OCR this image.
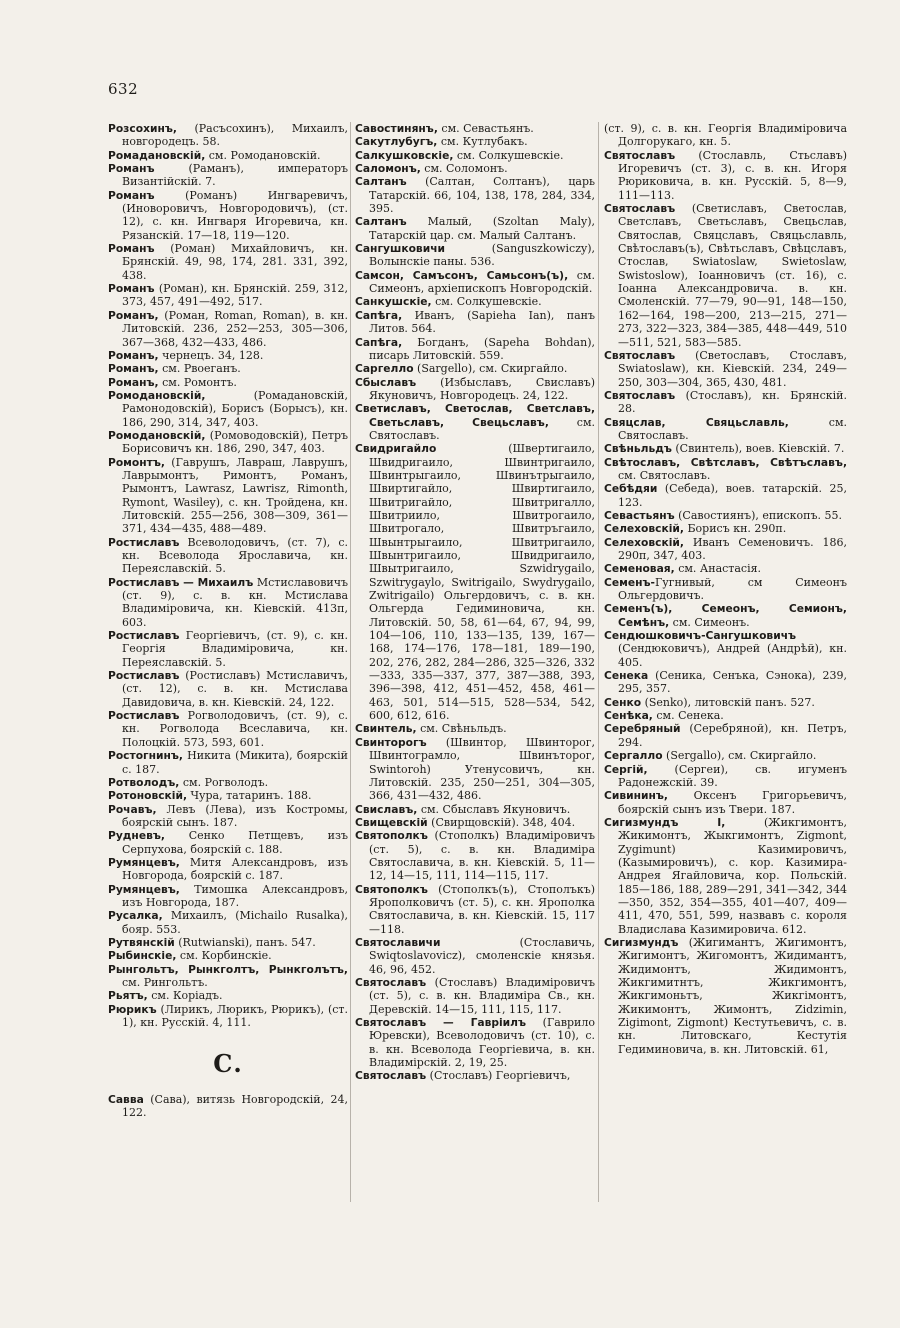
632
Розсохинъ, (Расъсохинъ), Михаилъ, новгородецъ. 58.
Ромадановскій, см. Ромодановскій.
Романъ (Раманъ), императоръ Византійскій. 7.
Романъ (Романъ) Ингваревичъ, (Иноворовичъ, Новгородовичъ), (ст. 12), с. кн. Ингваря Игоревича, кн. Рязанскій. 17—18, 119—120.
Романъ (Роман) Михайловичъ, кн. Брянскій. 49, 98, 174, 281. 331, 392, 438.
Романъ (Роман), кн. Брянскій. 259, 312, 373, 457, 491—492, 517.
Романъ, (Роман, Roman, Roman), в. кн. Литовскій. 236, 252—253, 305—306, 367—368, 432—433, 486.
Романъ, чернецъ. 34, 128.
Романъ, см. Рвоеганъ.
Романъ, см. Ромонтъ.
Ромодановскій, (Ромадановскій, Рамонодовскій), Борисъ (Борысъ), кн. 186, 290, 314, 347, 403.
Ромодановскій, (Ромоводовскій), Петръ Борисовичъ кн. 186, 290, 347, 403.
Ромонтъ, (Гаврушъ, Лавраш, Лаврушъ, Лаврымонтъ, Римонтъ, Романъ, Рымонтъ, Lawrasz, Lawrisz, Rimonth, Rymont, Wasiley), с. кн. Тройдена, кн. Литовскій. 255—256, 308—309, 361—371, 434—435, 488—489.
Ростиславъ Всеволодовичъ, (ст. 7), с. кн. Всеволода Ярославича, кн. Переяславскій. 5.
Ростиславъ — Михаилъ Мстиславовичъ (ст. 9), с. в. кн. Мстислава Владиміровича, кн. Кіевскій. 413п, 603.
Ростиславъ Георгіевичъ, (ст. 9), с. кн. Георгія Владиміровича, кн. Переяславскій. 5.
Ростиславъ (Ростиславъ) Мстиславичъ, (ст. 12), с. в. кн. Мстислава Давидовича, в. кн. Кіевскій. 24, 122.
Ростиславъ Рогволодовичъ, (ст. 9), с. кн. Рогволода Всеславича, кн. Полоцкій. 573, 593, 601.
Ростогнинъ, Никита (Микита), боярскій с. 187.
Ротволодъ, см. Рогволодъ.
Ротоновскій, Чура, татаринъ. 188.
Рочавъ, Левъ (Лева), изъ Костромы, боярскій сынъ. 187.
Рудневъ, Сенко Петщевъ, изъ Серпухова, боярскій с. 188.
Румянцевъ, Митя Александровъ, изъ Новгорода, боярскій с. 187.
Румянцевъ, Тимошка Александровъ, изъ Новгорода, 187.
Русалка, Михаилъ, (Michailo Rusalka), бояр. 553.
Рутвянскій (Rutwianski), панъ. 547.
Рыбинскіе, см. Корбинскіе.
Рынгольтъ, Рынкголтъ, Рынкголътъ, см. Рингольтъ.
Рьятъ, см. Коріадъ.
Рюрикъ (Лирикъ, Люрикъ, Рюрикъ), (ст. 1), кн. Русскій. 4, 111.
С.
Савва (Сава), витязь Новгородскій, 24, 122.
Савостинянъ, см. Севастьянъ.
Сакутлубугъ, см. Кутлубакъ.
Салкушковскіе, см. Солкушевскіе.
Саломонъ, см. Соломонъ.
Салтанъ (Салтан, Солтанъ), царь Татарскій. 66, 104, 138, 178, 284, 334, 395.
Салтанъ Малый, (Szoltan Maly), Татарскій цар. см. Малый Салтанъ.
Сангушковичи (Sanguszkowiczy), Волынскіе паны. 536.
Самсон, Самъсонъ, Самьсонъ(ъ), см. Симеонъ, архіепископъ Новгородскій.
Санкушскіе, см. Солкушевскіе.
Сапѣга, Иванъ, (Sapieha Ian), панъ Литов. 564.
Сапѣга, Богданъ, (Sapeha Bohdan), писарь Литовскій. 559.
Саргелло (Sargello), см. Скиргайло.
Сбыславъ (Избыславъ, Свиславъ) Якуновичъ, Новгородецъ. 24, 122.
Светиславъ, Светослав, Светславъ, Светьславъ, Свецьславъ, см. Святославъ.
Свидригайло (Швертигаило, Швидригаило, Швинтригаило, Швинтрыгаило, Швинътрыгаило, Швиртигайло, Швиртигаило, Швитригайло, Швитригалло, Швитриило, Швитрогаило, Швитрогало, Швитръгаило, Швынтрыгаило, Швитригаило, Швынтригаило, Швидригаило, Швытригаило, Szwidrygailo, Szwitrygaylo, Switrigailo, Swydrygailo, Zwitrigailo) Ольгердовичъ, с. в. кн. Ольгерда Гедиминовича, кн. Литовскій. 50, 58, 61—64, 67, 94, 99, 104—106, 110, 133—135, 139, 167—168, 174—176, 178—181, 189—190, 202, 276, 282, 284—286, 325—326, 332—333, 335—337, 377, 387—388, 393, 396—398, 412, 451—452, 458, 461—463, 501, 514—515, 528—534, 542, 600, 612, 616.
Свинтель, см. Свѣньльдъ.
Свинторогъ (Швинтор, Швинторог, Швинтограмло, Швинъторог, Swintoroh) Утенусовичъ, кн. Литовскій. 235, 250—251, 304—305, 366, 431—432, 486.
Свиславъ, см. Сбыславъ Якуновичъ.
Свищевскій (Свирщовскій). 348, 404.
Святополкъ (Стополкъ) Владиміровичъ (ст. 5), с. в. кн. Владиміра Святославича, в. кн. Кіевскій. 5, 11—12, 14—15, 111, 114—115, 117.
Святополкъ (Стополкъ(ъ), Стополъкъ) Ярополковичъ (ст. 5), с. кн. Ярополка Святославича, в. кн. Кіевскій. 15, 117—118.
Святославичи (Стославичь, Swiqtoslavovicz), смоленскіе князья. 46, 96, 452.
Святославъ (Стославъ) Владиміровичъ (ст. 5), с. в. кн. Владиміра Св., кн. Деревскій. 14—15, 111, 115, 117.
Святославъ — Гавріилъ (Гаврило Юревски), Всеволодовичъ (ст. 10), с. в. кн. Всеволода Георгіевича, в. кн. Владимірскій. 2, 19, 25.
Святославъ (Стославъ) Георгіевичъ,
(ст. 9), с. в. кн. Георгія Владиміровича Долгорукаго, кн. 5.
Святославъ (Стославль, Стьславъ) Игоревичъ (ст. 3), с. в. кн. Игоря Рюриковича, в. кн. Русскій. 5, 8—9, 111—113.
Святославъ (Светиславъ, Светослав, Светславъ, Светьславъ, Свецьслав, Святослав, Свяцславъ, Свяцьславль, Свѣтославъ(ъ), Свѣтьславъ, Свѣцславъ, Стослав, Swiatoslaw, Swietoslaw, Swistoslow), Іоанновичъ (ст. 16), с. Іоанна Александровича. в. кн. Смоленскій. 77—79, 90—91, 148—150, 162—164, 198—200, 213—215, 271—273, 322—323, 384—385, 448—449, 510—511, 521, 583—585.
Святославъ (Светославъ, Стославъ, Swiatoslaw), кн. Кіевскій. 234, 249—250, 303—304, 365, 430, 481.
Святославъ (Стославъ), кн. Брянскій. 28.
Свяцслав, Свяцьславль, см. Святославъ.
Свѣньльдъ (Свинтель), воев. Кіевскій. 7.
Свѣтославъ, Свѣтславъ, Свѣтъславъ, см. Святославъ.
Себѣдяи (Себеда), воев. татарскій. 25, 123.
Севастьянъ (Савостиянъ), епископъ. 55.
Селеховскій, Борисъ кн. 290п.
Селеховскій, Иванъ Семеновичъ. 186, 290п, 347, 403.
Семеновая, см. Анастасія.
Семенъ-Гугнивый, см Симеонъ Ольгердовичъ.
Семенъ(ъ), Семеонъ, Семионъ, Семѣнъ, см. Симеонъ.
Сендюшковичъ-Сангушковичъ (Сендюковичъ), Андрей (Андрѣй), кн. 405.
Сенека (Сеника, Сенъка, Сэнока), 239, 295, 357.
Сенко (Senko), литовскій панъ. 527.
Сенѣка, см. Сенека.
Серебряный (Серебряной), кн. Петръ, 294.
Сергалло (Sergallo), см. Скиргайло.
Сергій, (Сергеи), св. игуменъ Радонежскій. 39.
Сивининъ, Оксенъ Григорьевичъ, боярскій сынъ изъ Твери. 187.
Сигизмундъ I, (Жикгимонтъ, Жикимонтъ, Жыкгимонтъ, Zigmont, Zygimunt) Казимировичъ, (Казымировичъ), с. кор. Казимира-Андрея Ягайловича, кор. Польскій. 185—186, 188, 289—291, 341—342, 344—350, 352, 354—355, 401—407, 409—411, 470, 551, 599, назвавъ с. короля Владислава Казимировича. 612.
Сигизмундъ (Жигимантъ, Жигимонтъ, Жигимонтъ, Жигомонтъ, Жидимантъ, Жидимонтъ, Жидимонтъ, Жикгимитнтъ, Жикгимонтъ, Жикгимоньтъ, Жикгімонтъ, Жикимонтъ, Жимонтъ, Zidzimin, Zigimont, Zigmont) Кестутьевичъ, с. в. кн. Литовскаго, Кестутія Гедиминовича, в. кн. Литовскій. 61,
